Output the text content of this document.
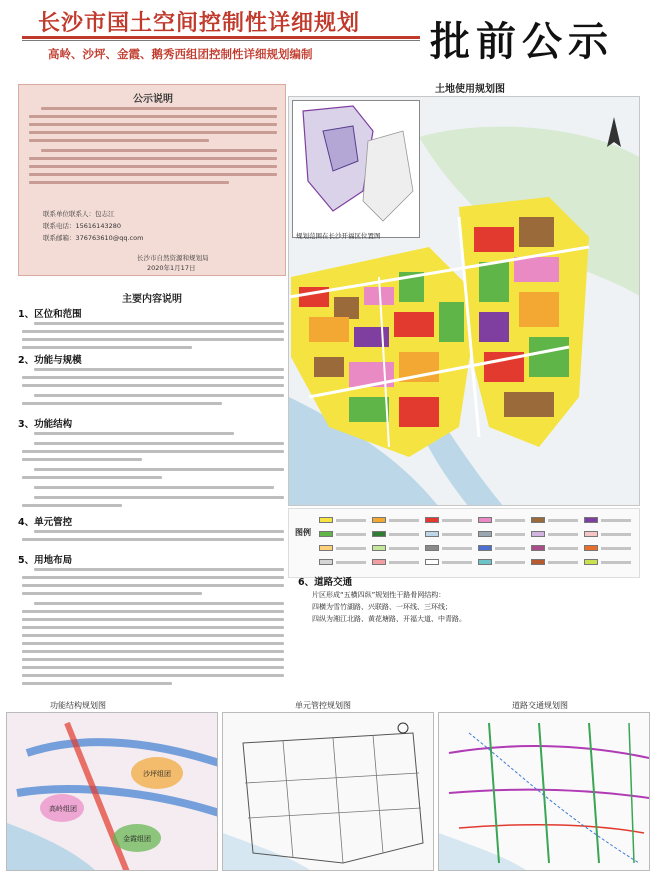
长沙市国土空间控制性详细规划
高岭、沙坪、金霞、鹅秀西组团控制性详细规划编制	批前公示
公示说明
联系单位联系人：包志江
联系电话：15616143280
联系邮箱：376763610@qq.com
长沙市自然资源和规划局
2020年1月17日
主要内容说明
1、区位和范围
2、功能与规模
3、功能结构
4、单元管控
5、用地布局
土地使用规划图
规划范围在长沙开福区位置图
图例
6、道路交通
片区形成“五横四纵”规划性干路骨网结构：
四横为雪竹湖路、兴联路、一环线、三环线；
四纵为湘江北路、黄花塘路、开福大道、中青路。
功能结构规划图
高岭组团
沙坪组团
金霞组团
单元管控规划图	道路交通规划图
